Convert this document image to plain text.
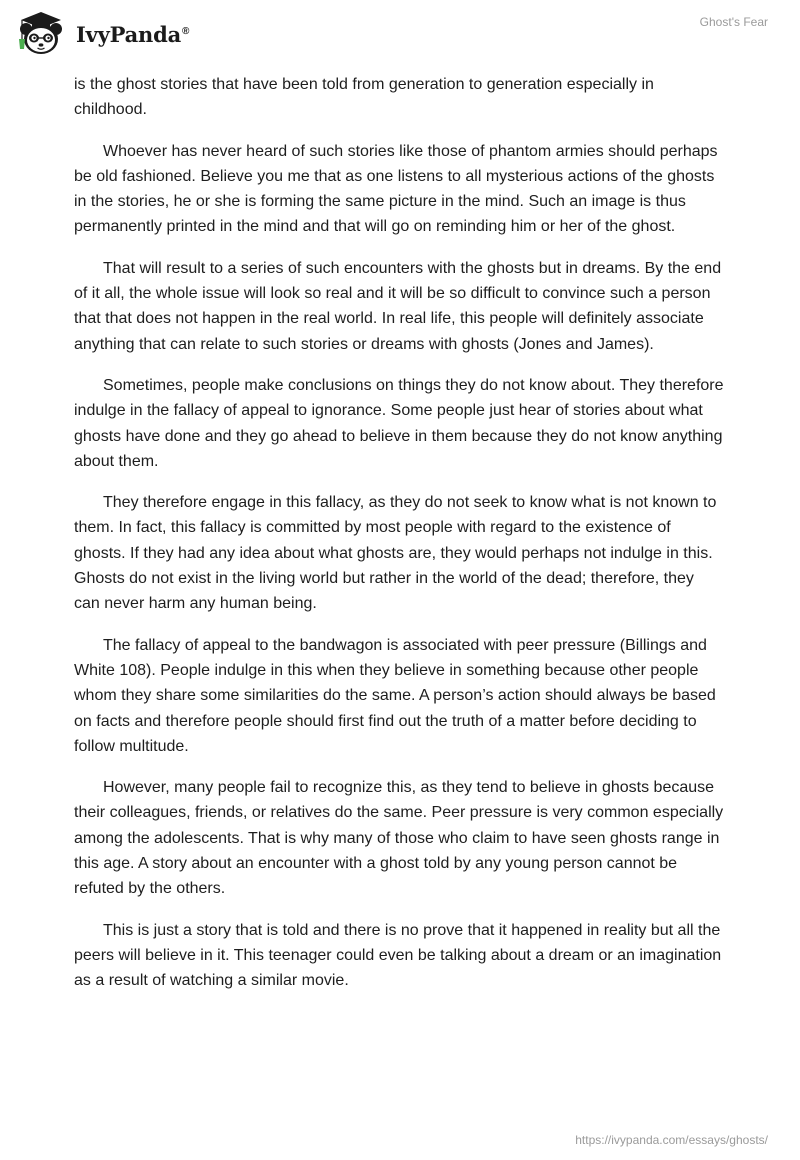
IvyPanda®
Ghost's Fear

is the ghost stories that have been told from generation to generation especially in childhood.

Whoever has never heard of such stories like those of phantom armies should perhaps be old fashioned. Believe you me that as one listens to all mysterious actions of the ghosts in the stories, he or she is forming the same picture in the mind. Such an image is thus permanently printed in the mind and that will go on reminding him or her of the ghost.

That will result to a series of such encounters with the ghosts but in dreams. By the end of it all, the whole issue will look so real and it will be so difficult to convince such a person that that does not happen in the real world. In real life, this people will definitely associate anything that can relate to such stories or dreams with ghosts (Jones and James).

Sometimes, people make conclusions on things they do not know about. They therefore indulge in the fallacy of appeal to ignorance. Some people just hear of stories about what ghosts have done and they go ahead to believe in them because they do not know anything about them.

They therefore engage in this fallacy, as they do not seek to know what is not known to them. In fact, this fallacy is committed by most people with regard to the existence of ghosts. If they had any idea about what ghosts are, they would perhaps not indulge in this. Ghosts do not exist in the living world but rather in the world of the dead; therefore, they can never harm any human being.

The fallacy of appeal to the bandwagon is associated with peer pressure (Billings and White 108). People indulge in this when they believe in something because other people whom they share some similarities do the same. A person’s action should always be based on facts and therefore people should first find out the truth of a matter before deciding to follow multitude.

However, many people fail to recognize this, as they tend to believe in ghosts because their colleagues, friends, or relatives do the same. Peer pressure is very common especially among the adolescents. That is why many of those who claim to have seen ghosts range in this age. A story about an encounter with a ghost told by any young person cannot be refuted by the others.

This is just a story that is told and there is no prove that it happened in reality but all the peers will believe in it. This teenager could even be talking about a dream or an imagination as a result of watching a similar movie.

https://ivypanda.com/essays/ghosts/
